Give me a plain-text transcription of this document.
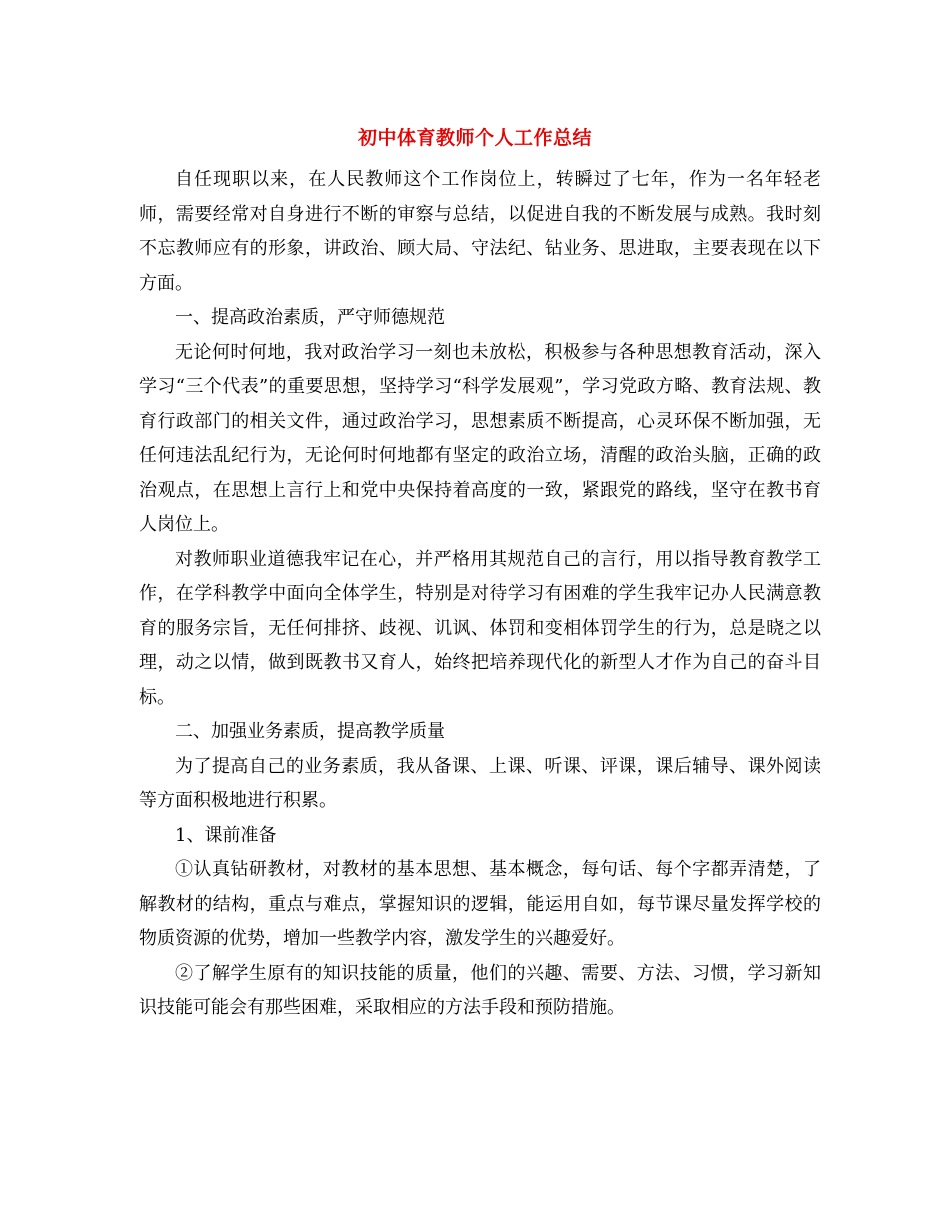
初中体育教师个人工作总结

自任现职以来，在人民教师这个工作岗位上，转瞬过了七年，作为一名年轻老师，需要经常对自身进行不断的审察与总结，以促进自我的不断发展与成熟。我时刻不忘教师应有的形象，讲政治、顾大局、守法纪、钻业务、思进取，主要表现在以下方面。

一、提高政治素质，严守师德规范

无论何时何地，我对政治学习一刻也未放松，积极参与各种思想教育活动，深入学习“三个代表”的重要思想，坚持学习“科学发展观”，学习党政方略、教育法规、教育行政部门的相关文件，通过政治学习，思想素质不断提高，心灵环保不断加强，无任何违法乱纪行为，无论何时何地都有坚定的政治立场，清醒的政治头脑，正确的政治观点，在思想上言行上和党中央保持着高度的一致，紧跟党的路线，坚守在教书育人岗位上。

对教师职业道德我牢记在心，并严格用其规范自己的言行，用以指导教育教学工作，在学科教学中面向全体学生，特别是对待学习有困难的学生我牢记办人民满意教育的服务宗旨，无任何排挤、歧视、讥讽、体罚和变相体罚学生的行为，总是晓之以理，动之以情，做到既教书又育人，始终把培养现代化的新型人才作为自己的奋斗目标。

二、加强业务素质，提高教学质量

为了提高自己的业务素质，我从备课、上课、听课、评课，课后辅导、课外阅读等方面积极地进行积累。

1、课前准备

①认真钻研教材，对教材的基本思想、基本概念，每句话、每个字都弄清楚，了解教材的结构，重点与难点，掌握知识的逻辑，能运用自如，每节课尽量发挥学校的物质资源的优势，增加一些教学内容，激发学生的兴趣爱好。

②了解学生原有的知识技能的质量，他们的兴趣、需要、方法、习惯，学习新知识技能可能会有那些困难，采取相应的方法手段和预防措施。
